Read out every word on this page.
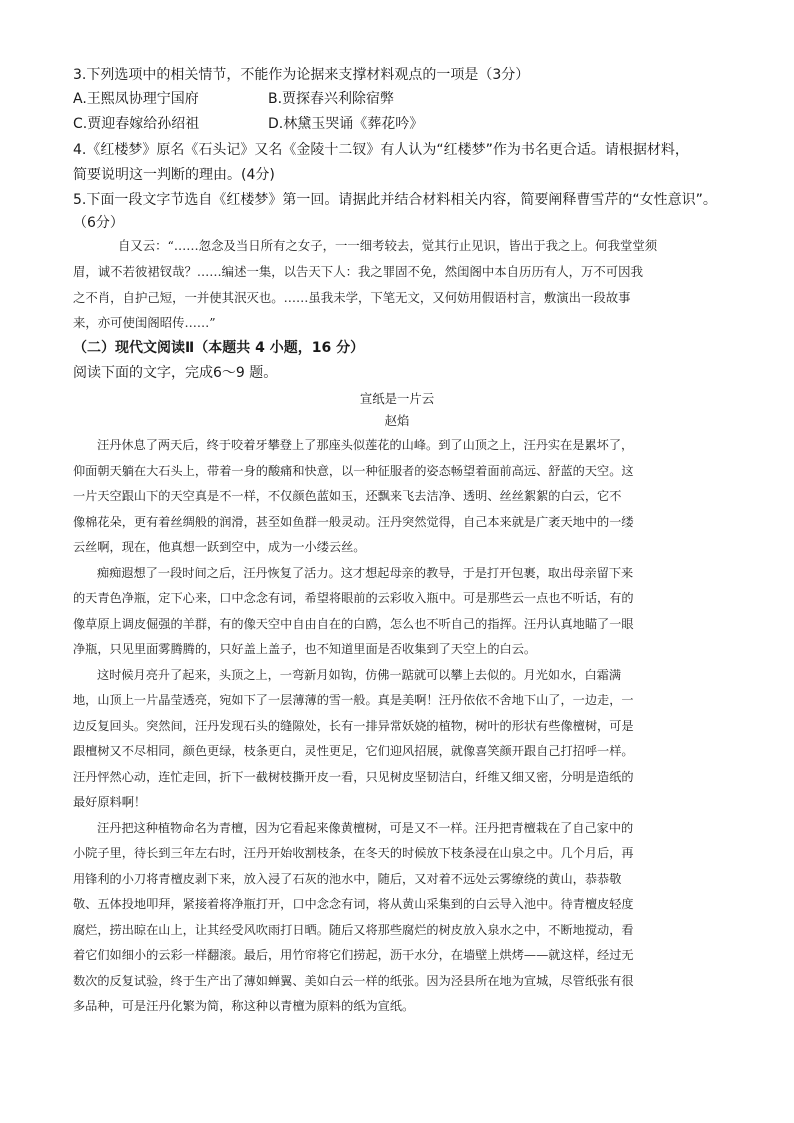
3.下列选项中的相关情节，不能作为论据来支撑材料观点的一项是（3分）
A.王熙凤协理宁国府	B.贾探春兴利除宿弊
C.贾迎春嫁给孙绍祖	D.林黛玉哭诵《葬花吟》
4.《红楼梦》原名《石头记》又名《金陵十二钗》有人认为“红楼梦”作为书名更合适。请根据材料，
简要说明这一判断的理由。(4分)
5.下面一段文字节选自《红楼梦》第一回。请据此并结合材料相关内容，简要阐释曹雪芹的“女性意识”。
（6分）

自又云：“……忽念及当日所有之女子，一一细考较去，觉其行止见识，皆出于我之上。何我堂堂须

眉，诚不若彼裙钗哉？……编述一集，以告天下人：我之罪固不免，然闺阁中本自历历有人，万不可因我

之不肖，自护己短，一并使其泯灭也。……虽我未学，下笔无文，又何妨用假语村言，敷演出一段故事

来，亦可使闺阁昭传……”

（二）现代文阅读Ⅱ（本题共 4 小题，16 分）
阅读下面的文字，完成6～9 题。
宣纸是一片云
赵焰

汪丹休息了两天后，终于咬着牙攀登上了那座头似莲花的山峰。到了山顶之上，汪丹实在是累坏了，

仰面朝天躺在大石头上，带着一身的酸痛和快意，以一种征服者的姿态畅望着面前高远、舒蓝的天空。这

一片天空跟山下的天空真是不一样，不仅颜色蓝如玉，还飘来飞去洁净、透明、丝丝絮絮的白云，它不

像棉花朵，更有着丝绸般的润滑，甚至如鱼群一般灵动。汪丹突然觉得，自己本来就是广袤天地中的一缕

云丝啊，现在，他真想一跃到空中，成为一小缕云丝。

痴痴遐想了一段时间之后，汪丹恢复了活力。这才想起母亲的教导，于是打开包裹，取出母亲留下来

的天青色净瓶，定下心来，口中念念有词，希望将眼前的云彩收入瓶中。可是那些云一点也不听话，有的

像草原上调皮倔强的羊群，有的像天空中自由自在的白鸥，怎么也不听自己的指挥。汪丹认真地瞄了一眼

净瓶，只见里面雾腾腾的，只好盖上盖子，也不知道里面是否收集到了天空上的白云。

这时候月亮升了起来，头顶之上，一弯新月如钩，仿佛一踮就可以攀上去似的。月光如水，白霜满

地，山顶上一片晶莹透亮，宛如下了一层薄薄的雪一般。真是美啊！汪丹依依不舍地下山了，一边走，一

边反复回头。突然间，汪丹发现石头的缝隙处，长有一排异常妖娆的植物，树叶的形状有些像檀树，可是

跟檀树又不尽相同，颜色更绿，枝条更白，灵性更足，它们迎风招展，就像喜笑颜开跟自己打招呼一样。

汪丹怦然心动，连忙走回，折下一截树枝撕开皮一看，只见树皮坚韧洁白，纤维又细又密，分明是造纸的

最好原料啊！

汪丹把这种植物命名为青檀，因为它看起来像黄檀树，可是又不一样。汪丹把青檀栽在了自己家中的

小院子里，待长到三年左右时，汪丹开始收割枝条，在冬天的时候放下枝条浸在山泉之中。几个月后，再

用锋利的小刀将青檀皮剥下来，放入浸了石灰的池水中，随后，又对着不远处云雾缭绕的黄山，恭恭敬

敬、五体投地叩拜，紧接着将净瓶打开，口中念念有词，将从黄山采集到的白云导入池中。待青檀皮轻度

腐烂，捞出晾在山上，让其经受风吹雨打日晒。随后又将那些腐烂的树皮放入泉水之中，不断地搅动，看

着它们如细小的云彩一样翻滚。最后，用竹帘将它们捞起，沥干水分，在墙壁上烘烤——就这样，经过无

数次的反复试验，终于生产出了薄如蝉翼、美如白云一样的纸张。因为泾县所在地为宣城，尽管纸张有很

多品种，可是汪丹化繁为简，称这种以青檀为原料的纸为宣纸。
